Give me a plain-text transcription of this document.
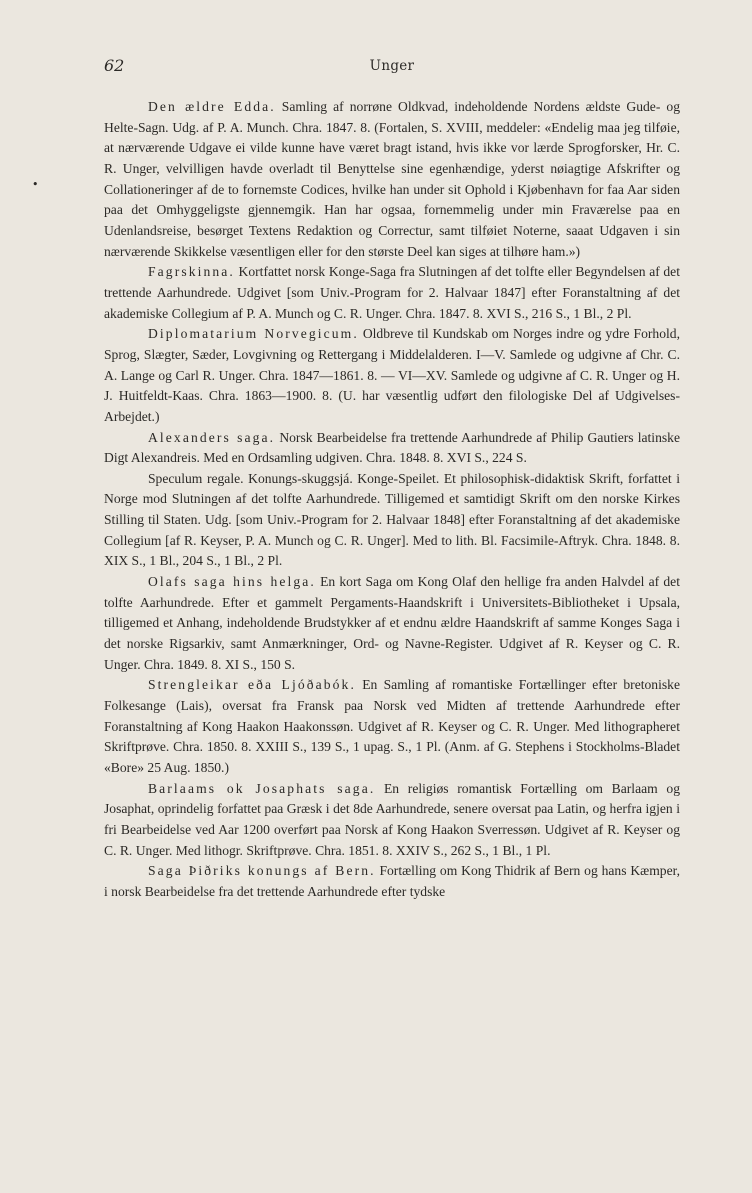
62	Unger
•

Den ældre Edda. Samling af norrøne Oldkvad, indeholdende Nordens ældste Gude- og Helte-Sagn. Udg. af P. A. Munch. Chra. 1847. 8. (Fortalen, S. XVIII, meddeler: «Endelig maa jeg tilføie, at nærværende Udgave ei vilde kunne have været bragt istand, hvis ikke vor lærde Sprogforsker, Hr. C. R. Unger, velvilligen havde overladt til Benyttelse sine egenhændige, yderst nøiagtige Afskrifter og Collationeringer af de to fornemste Codices, hvilke han under sit Ophold i Kjøbenhavn for faa Aar siden paa det Omhyggeligste gjennemgik. Han har ogsaa, fornemmelig under min Fraværelse paa en Udenlandsreise, besørget Textens Redaktion og Correctur, samt tilføiet Noterne, saaat Udgaven i sin nærværende Skikkelse væsentligen eller for den største Deel kan siges at tilhøre ham.»)

Fagrskinna. Kortfattet norsk Konge-Saga fra Slutningen af det tolfte eller Begyndelsen af det trettende Aarhundrede. Udgivet [som Univ.-Program for 2. Halvaar 1847] efter Foranstaltning af det akademiske Collegium af P. A. Munch og C. R. Unger. Chra. 1847. 8. XVI S., 216 S., 1 Bl., 2 Pl.

Diplomatarium Norvegicum. Oldbreve til Kundskab om Norges indre og ydre Forhold, Sprog, Slægter, Sæder, Lovgivning og Rettergang i Middelalderen. I—V. Samlede og udgivne af Chr. C. A. Lange og Carl R. Unger. Chra. 1847—1861. 8. — VI—XV. Samlede og udgivne af C. R. Unger og H. J. Huitfeldt-Kaas. Chra. 1863—1900. 8. (U. har væsentlig udført den filologiske Del af Udgivelses-Arbejdet.)

Alexanders saga. Norsk Bearbeidelse fra trettende Aarhundrede af Philip Gautiers latinske Digt Alexandreis. Med en Ordsamling udgiven. Chra. 1848. 8. XVI S., 224 S.

Speculum regale. Konungs-skuggsjá. Konge-Speilet. Et philosophisk-didaktisk Skrift, forfattet i Norge mod Slutningen af det tolfte Aarhundrede. Tilligemed et samtidigt Skrift om den norske Kirkes Stilling til Staten. Udg. [som Univ.-Program for 2. Halvaar 1848] efter Foranstaltning af det akademiske Collegium [af R. Keyser, P. A. Munch og C. R. Unger]. Med to lith. Bl. Facsimile-Aftryk. Chra. 1848. 8. XIX S., 1 Bl., 204 S., 1 Bl., 2 Pl.

Olafs saga hins helga. En kort Saga om Kong Olaf den hellige fra anden Halvdel af det tolfte Aarhundrede. Efter et gammelt Pergaments-Haandskrift i Universitets-Bibliotheket i Upsala, tilligemed et Anhang, indeholdende Brudstykker af et endnu ældre Haandskrift af samme Konges Saga i det norske Rigsarkiv, samt Anmærkninger, Ord- og Navne-Register. Udgivet af R. Keyser og C. R. Unger. Chra. 1849. 8. XI S., 150 S.

Strengleikar eða Ljóðabók. En Samling af romantiske Fortællinger efter bretoniske Folkesange (Lais), oversat fra Fransk paa Norsk ved Midten af trettende Aarhundrede efter Foranstaltning af Kong Haakon Haakonssøn. Udgivet af R. Keyser og C. R. Unger. Med lithographeret Skriftprøve. Chra. 1850. 8. XXIII S., 139 S., 1 upag. S., 1 Pl. (Anm. af G. Stephens i Stockholms-Bladet «Bore» 25 Aug. 1850.)

Barlaams ok Josaphats saga. En religiøs romantisk Fortælling om Barlaam og Josaphat, oprindelig forfattet paa Græsk i det 8de Aarhundrede, senere oversat paa Latin, og herfra igjen i fri Bearbeidelse ved Aar 1200 overført paa Norsk af Kong Haakon Sverressøn. Udgivet af R. Keyser og C. R. Unger. Med lithogr. Skriftprøve. Chra. 1851. 8. XXIV S., 262 S., 1 Bl., 1 Pl.

Saga Þiðriks konungs af Bern. Fortælling om Kong Thidrik af Bern og hans Kæmper, i norsk Bearbeidelse fra det trettende Aarhundrede efter tydske
